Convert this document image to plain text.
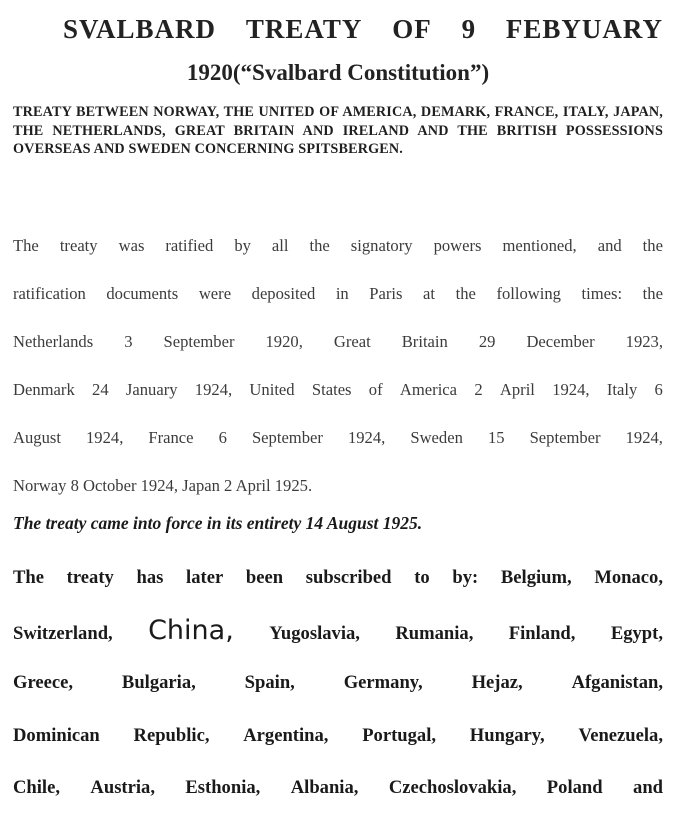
SVALBARD TREATY OF 9 FEBYUARY
1920(“Svalbard Constitution”)
TREATY BETWEEN NORWAY, THE UNITED OF AMERICA, DEMARK, FRANCE, ITALY, JAPAN, THE NETHERLANDS, GREAT BRITAIN AND IRELAND AND THE BRITISH POSSESSIONS OVERSEAS AND SWEDEN CONCERNING SPITSBERGEN.
The treaty was ratified by all the signatory powers mentioned, and the
ratification documents were deposited in Paris at the following times: the
Netherlands 3 September 1920, Great Britain 29 December 1923,
Denmark 24 January 1924, United States of America 2 April 1924, Italy 6
August 1924, France 6 September 1924, Sweden 15 September 1924,
Norway 8 October 1924, Japan 2 April 1925.
The treaty came into force in its entirety 14 August 1925.
The treaty has later been subscribed to by: Belgium, Monaco,
Switzerland, China, Yugoslavia, Rumania, Finland, Egypt,
Greece,	Bulgaria,	Spain,	Germany,	Hejaz,	Afganistan,
Dominican Republic, Argentina, Portugal, Hungary, Venezuela,
Chile, Austria, Esthonia, Albania, Czechoslovakia, Poland and
